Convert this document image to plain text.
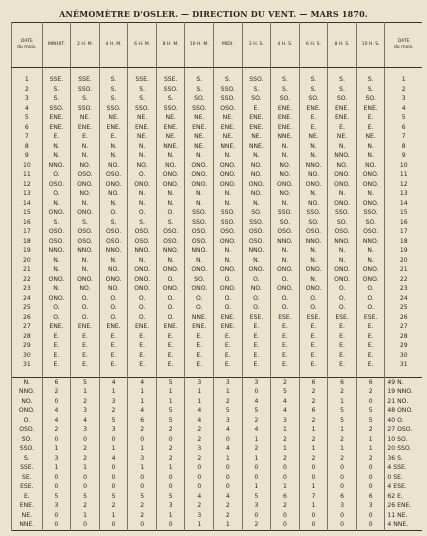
ANÉMOMÈTRE D'OSLER. — DIRECTION DU VENT. — MARS 1870.
DATE
du mois.	MINUIT.	2 H. M.	4 H. M.	6 H. M.	8 H. M.	10 H. M.	MIDI.	2 H. S.	4 H. S.	6 H. S.	8 H. S.	10 H. S.	DATE
du mois.

1	SSE.	SSE.	S.	SSE.	SSE.	S.	S.	SSO.	S.	S.	S.	S.	1
2	S.	SSO.	S.	S.	SSO.	S.	SSO.	S.	S.	S.	S.	S.	2
3	S.	S.	S.	S.	S.	SO.	SSO.	SO.	SO.	SO.	SO.	SO.	3
4	SSO.	SSO.	SSO.	SSO.	SSO.	SSO.	OSO.	E.	ENE.	ENE.	ENE.	ENE.	4
5	ENE.	NE.	NE.	NE.	NE.	NE.	NE.	ENE.	ENE.	E.	ENE.	E.	5
6	ENE.	ENE.	ENE.	ENE.	ENE.	ENE.	ENE.	ENE.	ENE.	E.	E.	E.	6
7	E.	E.	E.	NE.	NE.	NE.	NE.	NE.	NNE.	NE.	NE.	NE.	7
8	N.	N.	N.	N.	NNE.	NE.	NNE.	NNE.	N.	N.	N.	N.	8
9	N.	N.	N.	N.	N.	N.	N.	N.	N.	N.	NNO.	N.	9
10	NNO.	NO.	NO.	NO.	NO.	ONO.	ONO.	NO.	NO.	NNO.	NO.	NO.	10
11	O.	OSO.	OSO.	O.	ONO.	ONO.	ONO.	NO.	NO.	NO.	ONO.	ONO.	11
12	OSO.	ONO.	ONO.	ONO.	ONO.	ONO.	ONO.	ONO.	ONO.	ONO.	ONO.	ONO.	12
13	O.	NO.	NO.	N.	N.	N.	N.	NO.	NO.	N.	N.	N.	13
14	N.	N.	N.	N.	N.	N.	N.	N.	N.	NO.	ONO.	ONO.	14
15	ONO.	ONO.	O.	O.	O.	SSO.	SSO.	SO.	SSO.	SSO.	SSO.	SSO.	15
16	S.	S.	S.	S.	S.	SSO.	SSO.	SSO.	SO.	SO.	SO.	SO.	16
17	OSO.	OSO.	OSO.	OSO.	OSO.	OSO.	OSO.	OSO.	OSO.	OSO.	OSO.	OSO.	17
18	OSO.	OSO.	OSO.	OSO.	OSO.	OSO.	ONO.	OSO.	NNO.	NNO.	NNO.	NNO.	18
19	NNO.	NNO.	NNO.	NNO.	NNO.	NNO.	N.	NNO.	N.	N.	N.	N.	19
20	N.	N.	N.	N.	N.	N.	N.	N.	N.	N.	N.	N.	20
21	N.	N.	NO.	ONO.	ONO.	ONO.	ONO.	ONO.	ONO.	ONO.	ONO.	ONO.	21
22	ONO.	ONO.	ONO.	ONO.	O.	SO.	O.	O.	O.	N.	ONO.	ONO.	22
23	N.	NO.	NO.	ONO.	ONO.	ONO.	ONO.	NO.	ONO.	ONO.	O.	O.	23
24	ONO.	O.	O.	O.	O.	O.	O.	O.	O.	O.	O.	O.	24
25	O.	O.	O.	O.	O.	O.	O.	O.	O.	O.	O.	O.	25
26	O.	O.	O.	O.	O.	NNE.	ENE.	ESE.	ESE.	ESE.	ESE.	ESE.	26
27	ENE.	ENE.	ENE.	ENE.	ENE.	ENE.	ENE.	E.	E.	E.	E.	E.	27
28	E.	E.	E.	E.	E.	E.	E.	E.	E.	E.	E.	E.	28
29	E.	E.	E.	E.	E.	E.	E.	E.	E.	E.	E.	E.	29
30	E.	E.	E.	E.	E.	E.	E.	E.	E.	E.	E.	E.	30
31	E.	E.	E.	E.	E.	E.	E.	E.	E.	E.	E.	E.	31

N.	6	5	4	4	5	3	3	3	2	6	6	6	49 N.
NNO.	2	1	1	1	1	1	1	0	5	2	2	2	19 NNO.
NO.	0	2	3	1	1	1	2	4	4	2	1	0	21 NO.
ONO.	4	3	2	4	5	4	5	5	4	6	5	5	48 ONO.
O.	4	4	5	6	5	4	3	2	3	2	5	5	40 O.
OSO.	2	3	3	2	2	2	4	4	1	1	1	2	27 OSO.
SO.	0	0	0	0	0	2	0	1	2	2	2	1	10 SO.
SSO.	1	2	1	1	2	3	4	2	1	1	1	1	20 SSO.
S.	3	2	4	3	2	2	1	1	2	2	2	2	36 S.
SSE.	1	1	0	1	1	0	0	0	0	0	0	0	4 SSE.
SE.	0	0	0	0	0	0	0	0	0	0	0	0	0 SE.
ESE.	0	0	0	0	0	0	0	1	1	1	0	0	4 ESE.
E.	5	5	5	5	5	4	4	5	6	7	6	6	62 E.
ENE.	3	2	2	2	3	2	2	3	2	1	3	3	26 ENE.
NE.	0	1	1	2	1	3	2	0	0	0	0	0	11 NE.
NNE.	0	0	0	0	0	1	1	2	0	0	0	0	4 NNE.
